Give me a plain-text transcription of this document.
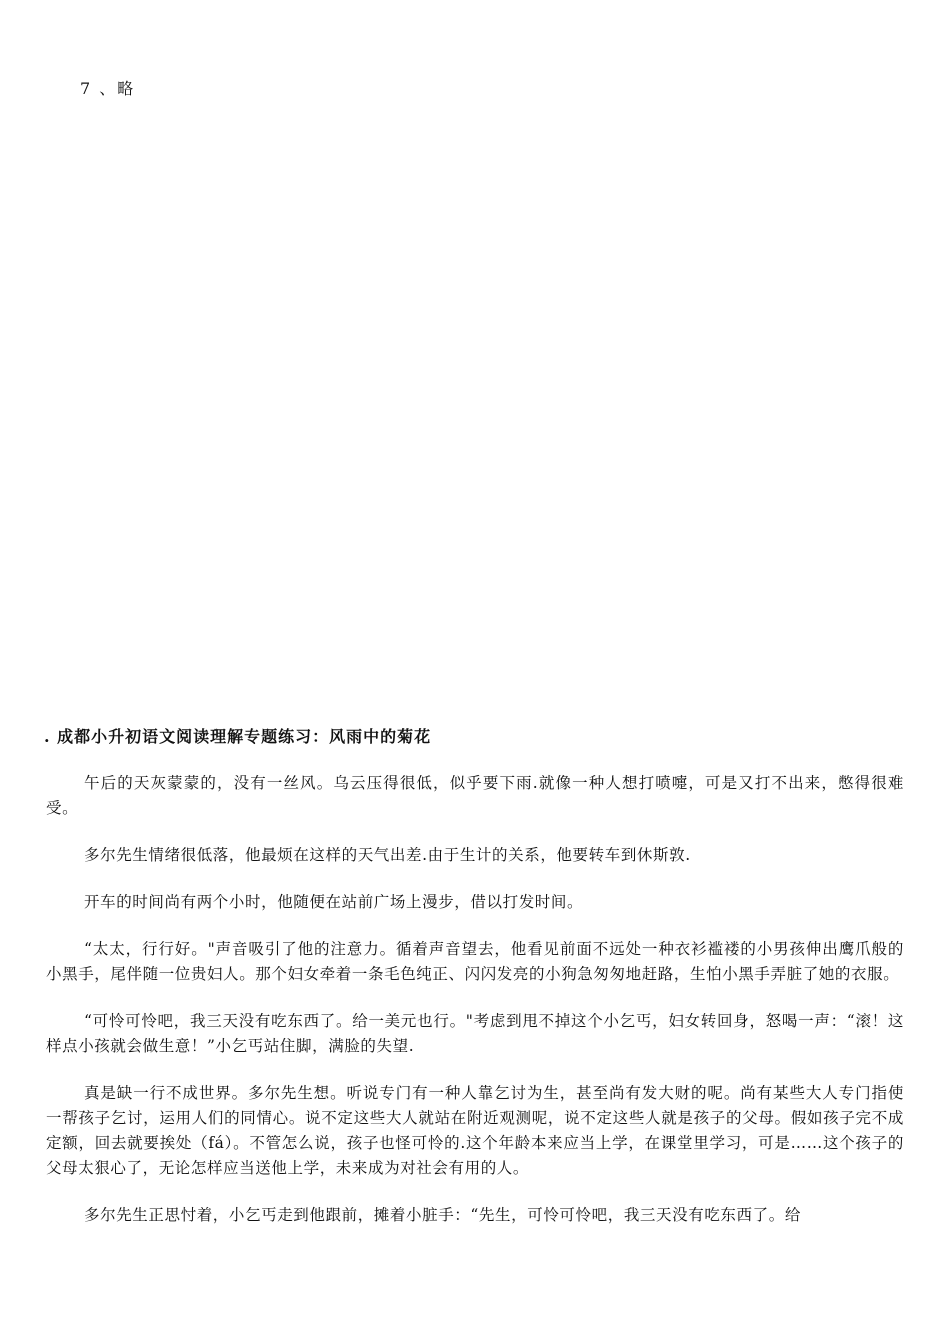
7 、略
. 成都小升初语文阅读理解专题练习：风雨中的菊花

午后的天灰蒙蒙的，没有一丝风。乌云压得很低，似乎要下雨.就像一种人想打喷嚏，可是又打不出来，憋得很难受。

多尔先生情绪很低落，他最烦在这样的天气出差.由于生计的关系，他要转车到休斯敦.

开车的时间尚有两个小时，他随便在站前广场上漫步，借以打发时间。

“太太，行行好。"声音吸引了他的注意力。循着声音望去，他看见前面不远处一种衣衫褴褛的小男孩伸出鹰爪般的小黑手，尾伴随一位贵妇人。那个妇女牵着一条毛色纯正、闪闪发亮的小狗急匆匆地赶路，生怕小黑手弄脏了她的衣服。

“可怜可怜吧，我三天没有吃东西了。给一美元也行。"考虑到甩不掉这个小乞丐，妇女转回身，怒喝一声：“滚！这样点小孩就会做生意！”小乞丐站住脚，满脸的失望.

真是缺一行不成世界。多尔先生想。听说专门有一种人靠乞讨为生，甚至尚有发大财的呢。尚有某些大人专门指使一帮孩子乞讨，运用人们的同情心。说不定这些大人就站在附近观测呢，说不定这些人就是孩子的父母。假如孩子完不成定额，回去就要挨处（fá）。不管怎么说，孩子也怪可怜的.这个年龄本来应当上学，在课堂里学习，可是……这个孩子的父母太狠心了，无论怎样应当送他上学，未来成为对社会有用的人。

多尔先生正思忖着，小乞丐走到他跟前，摊着小脏手：“先生，可怜可怜吧，我三天没有吃东西了。给
